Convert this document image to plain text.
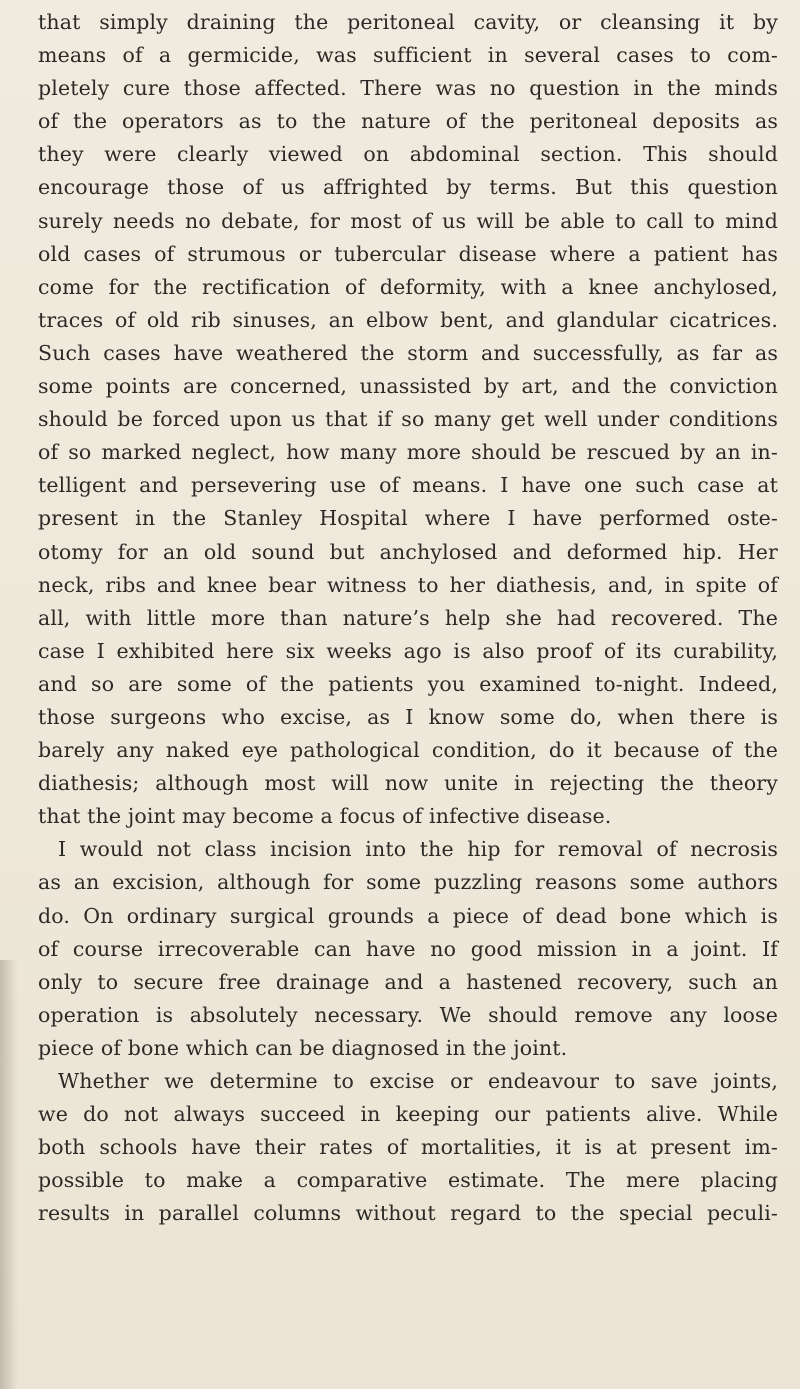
that simply draining the peritoneal cavity, or cleansing it by
means of a germicide, was sufficient in several cases to com-
pletely cure those affected. There was no question in the minds
of the operators as to the nature of the peritoneal deposits as
they were clearly viewed on abdominal section. This should
encourage those of us affrighted by terms. But this question
surely needs no debate, for most of us will be able to call to mind
old cases of strumous or tubercular disease where a patient has
come for the rectification of deformity, with a knee anchylosed,
traces of old rib sinuses, an elbow bent, and glandular cicatrices.
Such cases have weathered the storm and successfully, as far as
some points are concerned, unassisted by art, and the conviction
should be forced upon us that if so many get well under conditions
of so marked neglect, how many more should be rescued by an in-
telligent and persevering use of means. I have one such case at
present in the Stanley Hospital where I have performed oste-
otomy for an old sound but anchylosed and deformed hip. Her
neck, ribs and knee bear witness to her diathesis, and, in spite of
all, with little more than nature’s help she had recovered. The
case I exhibited here six weeks ago is also proof of its curability,
and so are some of the patients you examined to-night. Indeed,
those surgeons who excise, as I know some do, when there is
barely any naked eye pathological condition, do it because of the
diathesis; although most will now unite in rejecting the theory
that the joint may become a focus of infective disease.
I would not class incision into the hip for removal of necrosis
as an excision, although for some puzzling reasons some authors
do. On ordinary surgical grounds a piece of dead bone which is
of course irrecoverable can have no good mission in a joint. If
only to secure free drainage and a hastened recovery, such an
operation is absolutely necessary. We should remove any loose
piece of bone which can be diagnosed in the joint.
Whether we determine to excise or endeavour to save joints,
we do not always succeed in keeping our patients alive. While
both schools have their rates of mortalities, it is at present im-
possible to make a comparative estimate. The mere placing
results in parallel columns without regard to the special peculi-
